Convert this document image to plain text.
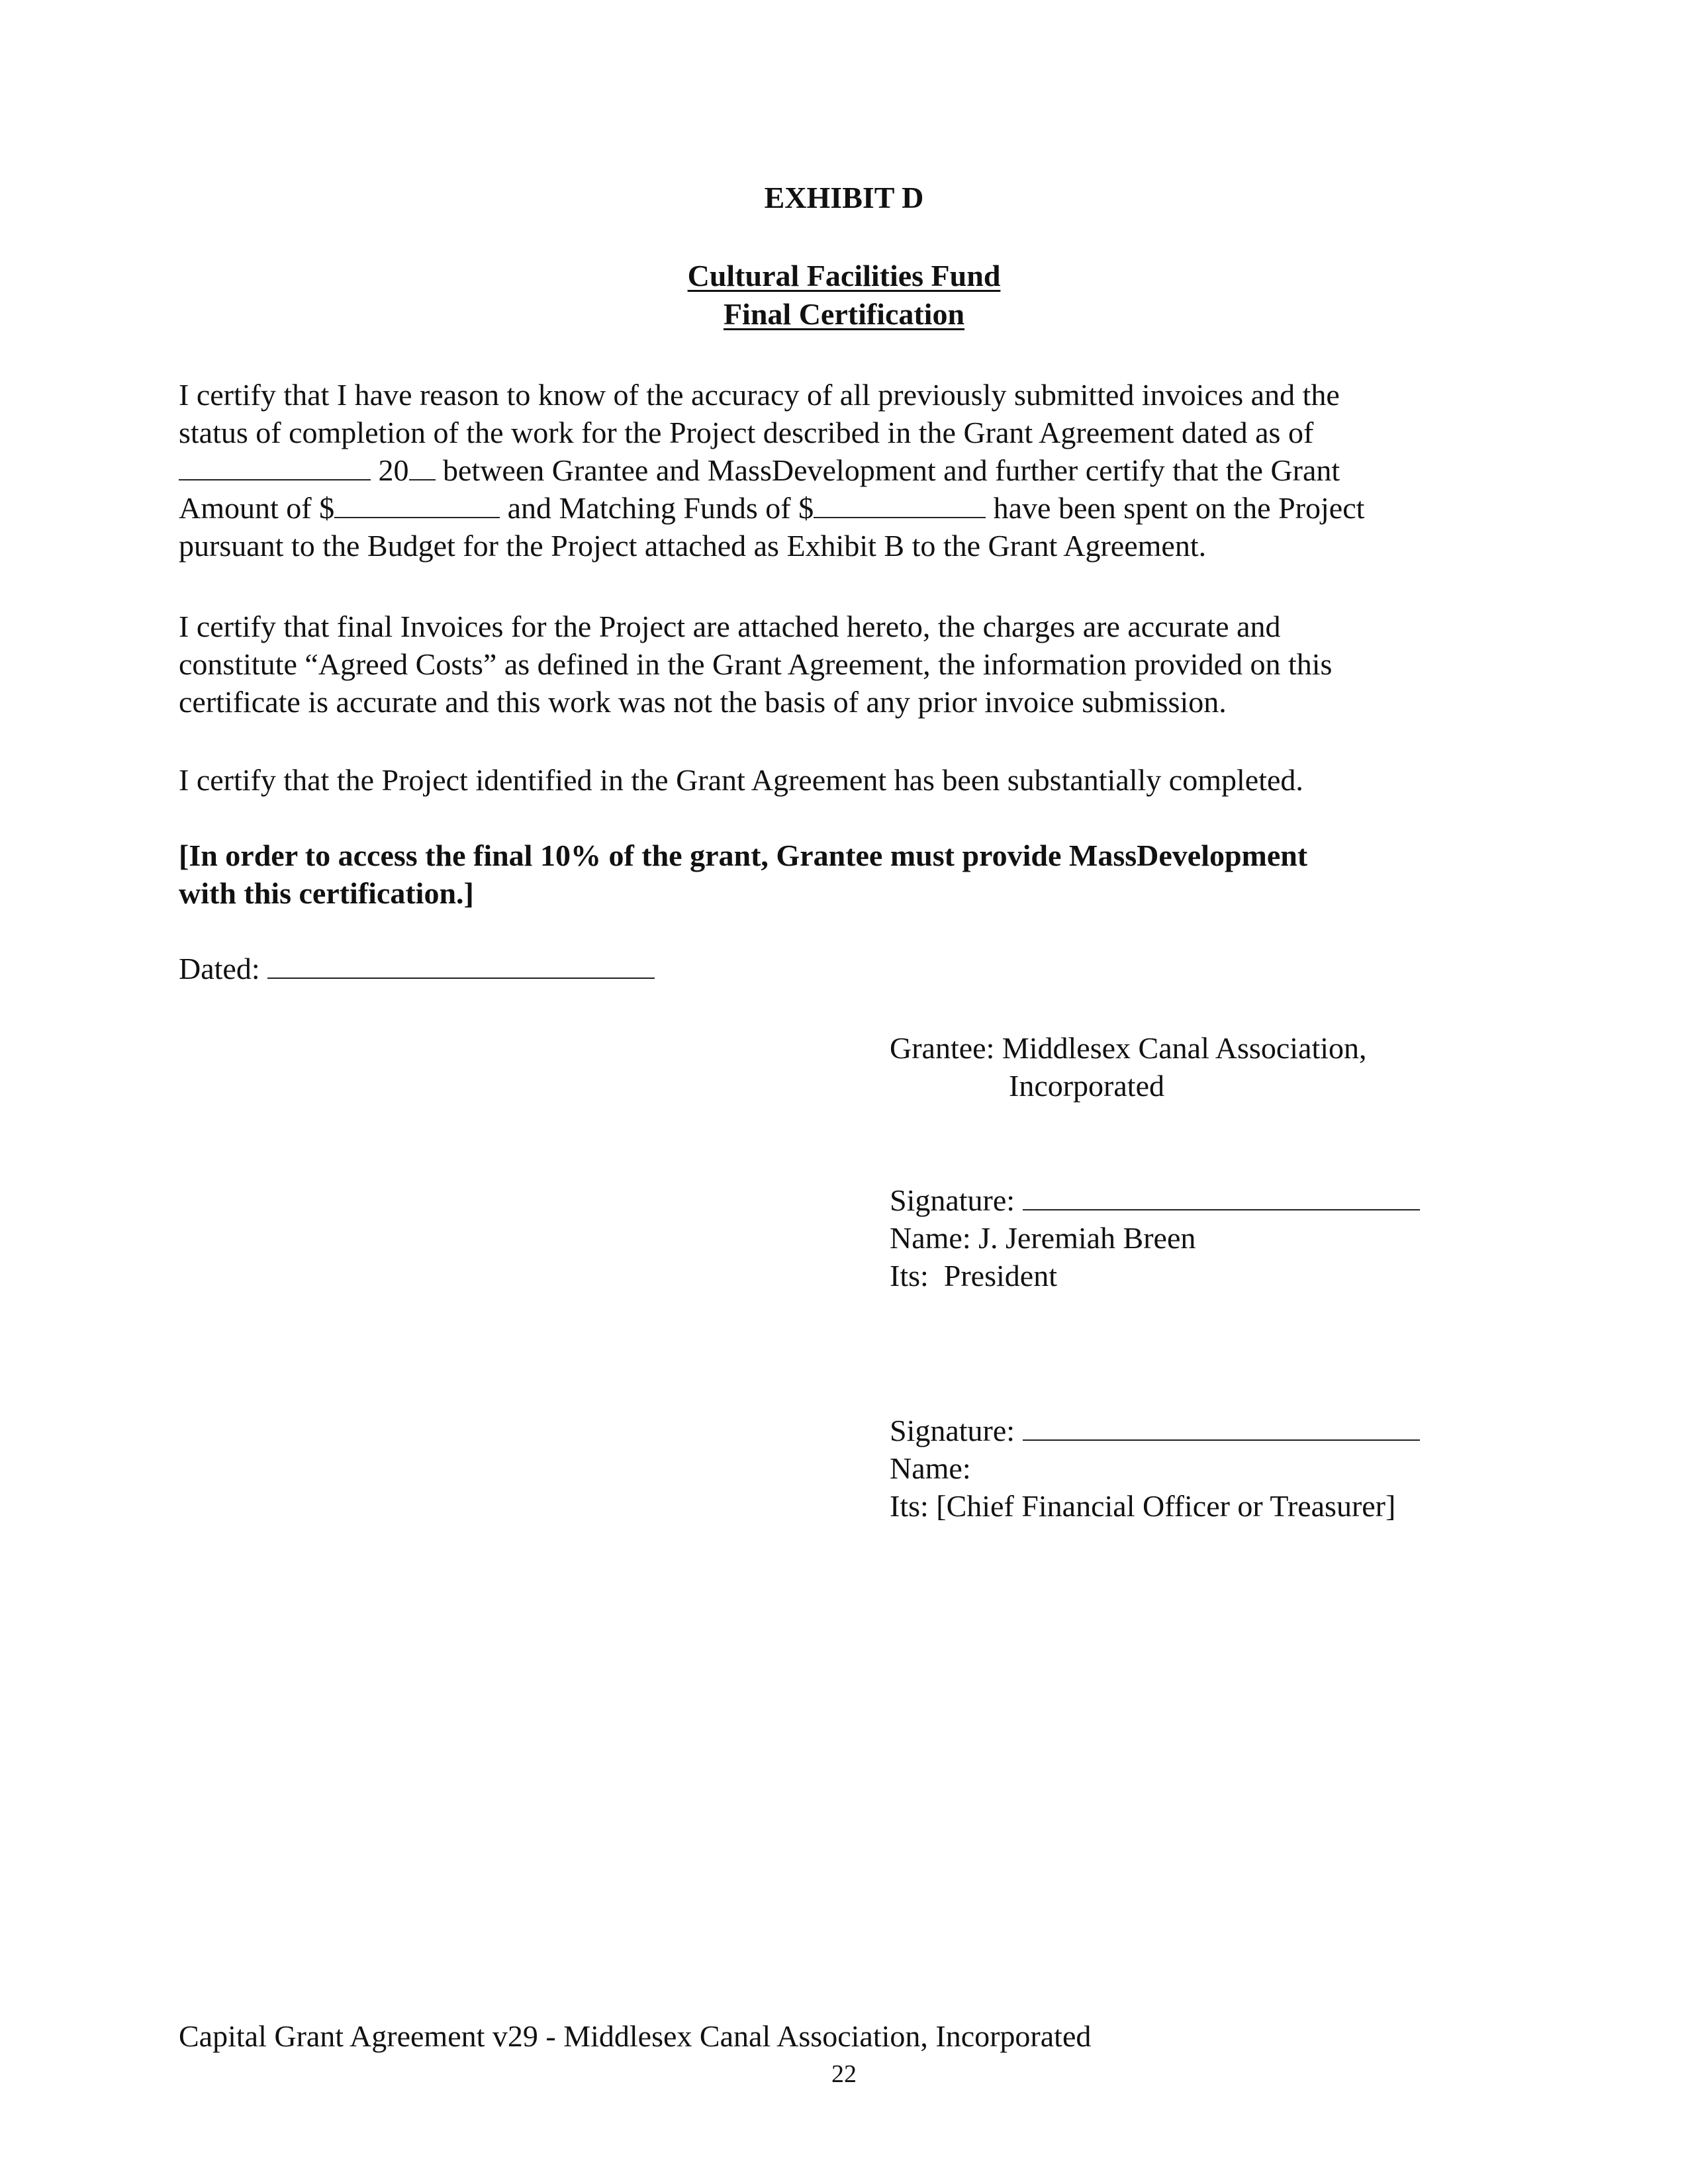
EXHIBIT D
Cultural Facilities Fund
Final Certification
I certify that I have reason to know of the accuracy of all previously submitted invoices and the
status of completion of the work for the Project described in the Grant Agreement dated as of
20 between Grantee and MassDevelopment and further certify that the Grant
Amount of $	and Matching Funds of $	have been spent on the Project
pursuant to the Budget for the Project attached as Exhibit B to the Grant Agreement.
I certify that final Invoices for the Project are attached hereto, the charges are accurate and
constitute “Agreed Costs” as defined in the Grant Agreement, the information provided on this
certificate is accurate and this work was not the basis of any prior invoice submission.
I certify that the Project identified in the Grant Agreement has been substantially completed.
[In order to access the final 10% of the grant, Grantee must provide MassDevelopment
with this certification.]
Dated:
Grantee: Middlesex Canal Association,
Incorporated
Signature:
Name: J. Jeremiah Breen
Its:  President
Signature:
Name:
Its: [Chief Financial Officer or Treasurer]
Capital Grant Agreement v29 - Middlesex Canal Association, Incorporated
22
